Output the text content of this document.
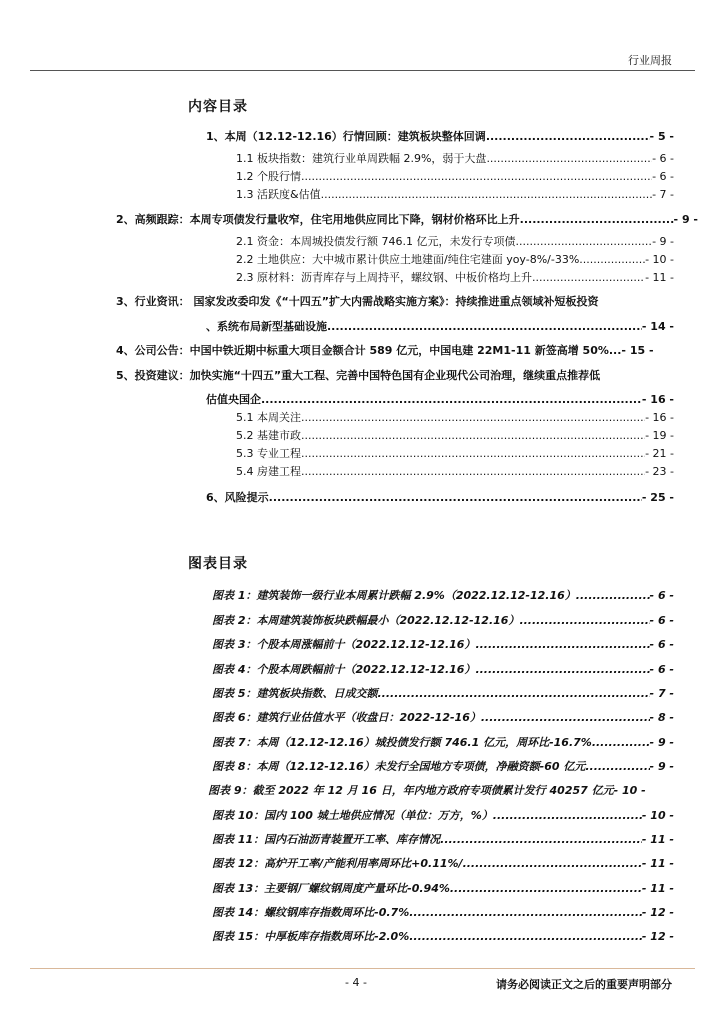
行业周报
内容目录
1、本周（12.12-12.16）行情回顾：建筑板块整体回调 .....	- 5 -
1.1 板块指数：建筑行业单周跌幅 2.9%，弱于大盘 .....	- 6 -
1.2 个股行情 .....	- 6 -
1.3 活跃度&估值 .....	- 7 -
2、高频跟踪：本周专项债发行量收窄，住宅用地供应同比下降，钢材价格环比上升 .....	- 9 -
2.1 资金：本周城投债发行额 746.1 亿元，未发行专项债 .....	- 9 -
2.2 土地供应：大中城市累计供应土地建面/纯住宅建面 yoy-8%/-33% .....	- 10 -
2.3 原材料：沥青库存与上周持平，螺纹钢、中板价格均上升 .....	- 11 -
3、行业资讯： 国家发改委印发《“十四五”扩大内需战略实施方案》：持续推进重点领域补短板投资
、系统布局新型基础设施 .....	- 14 -
4、公司公告：中国中铁近期中标重大项目金额合计 589 亿元，中国电建 22M1-11 新签高增 50%... - 15 -
5、投资建议：加快实施“十四五”重大工程、完善中国特色国有企业现代公司治理，继续重点推荐低
估值央国企 .....	- 16 -
5.1 本周关注 .....	- 16 -
5.2 基建市政 .....	- 19 -
5.3 专业工程 .....	- 21 -
5.4 房建工程 .....	- 23 -
6、风险提示 .....	- 25 -
图表目录
图表 1：建筑装饰一级行业本周累计跌幅 2.9%（2022.12.12-12.16） .....	- 6 -
图表 2：本周建筑装饰板块跌幅最小（2022.12.12-12.16） .....	- 6 -
图表 3：个股本周涨幅前十（2022.12.12-12.16） .....	- 6 -
图表 4：个股本周跌幅前十（2022.12.12-12.16） .....	- 6 -
图表 5：建筑板块指数、日成交额 .....	- 7 -
图表 6：建筑行业估值水平（收盘日：2022-12-16） .....	- 8 -
图表 7：本周（12.12-12.16）城投债发行额 746.1 亿元，周环比-16.7% .....	- 9 -
图表 8：本周（12.12-12.16）未发行全国地方专项债，净融资额-60 亿元 .....	- 9 -
图表 9：截至 2022 年 12 月 16 日，年内地方政府专项债累计发行 40257 亿元 - 10 -
图表 10：国内 100 城土地供应情况（单位：万方，%） .....	- 10 -
图表 11：国内石油沥青装置开工率、库存情况 .....	- 11 -
图表 12：高炉开工率/产能利用率周环比+0.11%/ .....	- 11 -
图表 13：主要钢厂螺纹钢周度产量环比-0.94% .....	- 11 -
图表 14：螺纹钢库存指数周环比-0.7% .....	- 12 -
图表 15：中厚板库存指数周环比-2.0% .....	- 12 -
- 4 -	请务必阅读正文之后的重要声明部分
